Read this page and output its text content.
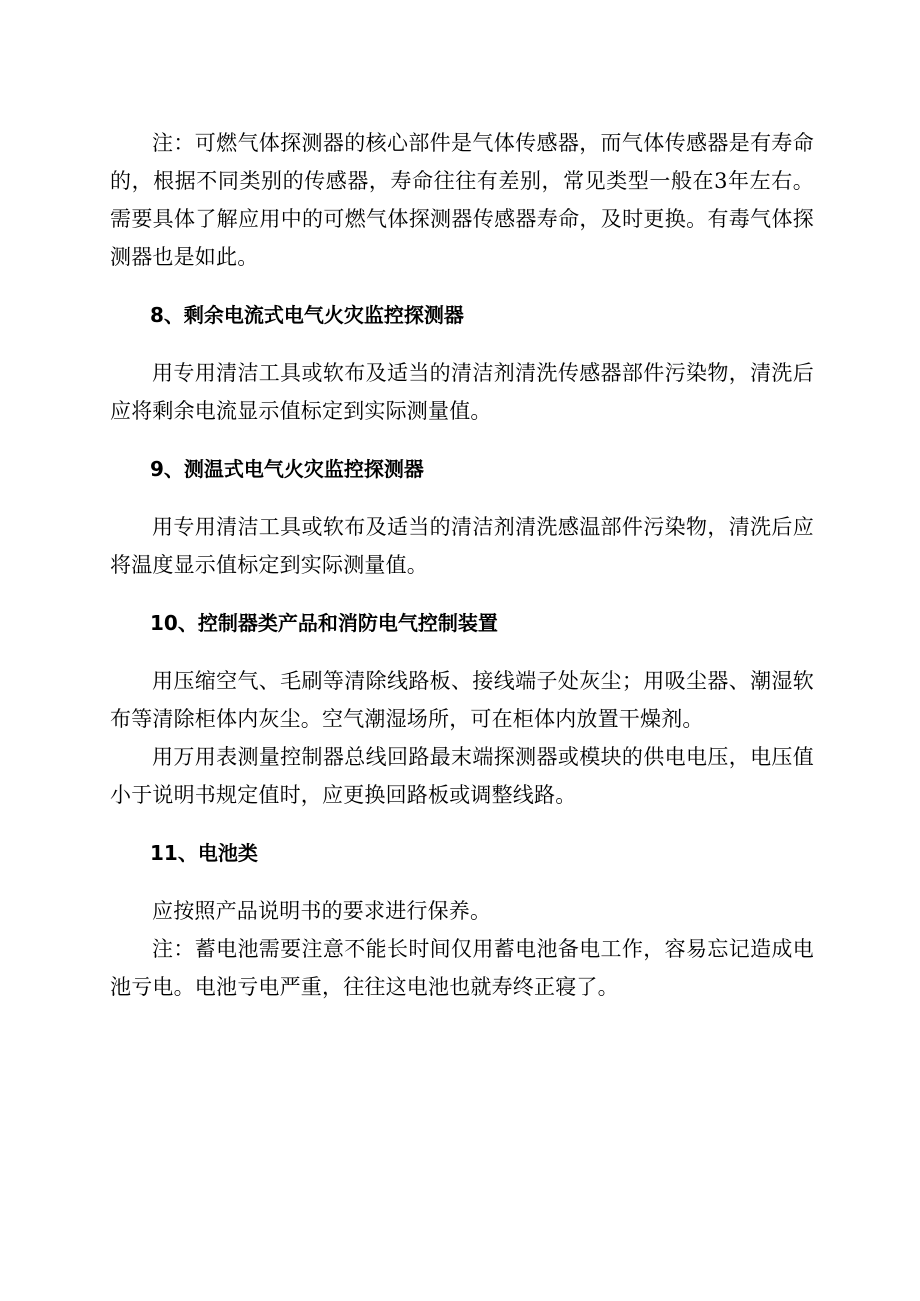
注：可燃气体探测器的核心部件是气体传感器，而气体传感器是有寿命的，根据不同类别的传感器，寿命往往有差别，常见类型一般在3年左右。需要具体了解应用中的可燃气体探测器传感器寿命，及时更换。有毒气体探测器也是如此。

8、剩余电流式电气火灾监控探测器

用专用清洁工具或软布及适当的清洁剂清洗传感器部件污染物，清洗后应将剩余电流显示值标定到实际测量值。

9、测温式电气火灾监控探测器

用专用清洁工具或软布及适当的清洁剂清洗感温部件污染物，清洗后应将温度显示值标定到实际测量值。

10、控制器类产品和消防电气控制装置

用压缩空气、毛刷等清除线路板、接线端子处灰尘；用吸尘器、潮湿软布等清除柜体内灰尘。空气潮湿场所，可在柜体内放置干燥剂。

用万用表测量控制器总线回路最末端探测器或模块的供电电压，电压值小于说明书规定值时，应更换回路板或调整线路。

11、电池类

应按照产品说明书的要求进行保养。

注：蓄电池需要注意不能长时间仅用蓄电池备电工作，容易忘记造成电池亏电。电池亏电严重，往往这电池也就寿终正寝了。
